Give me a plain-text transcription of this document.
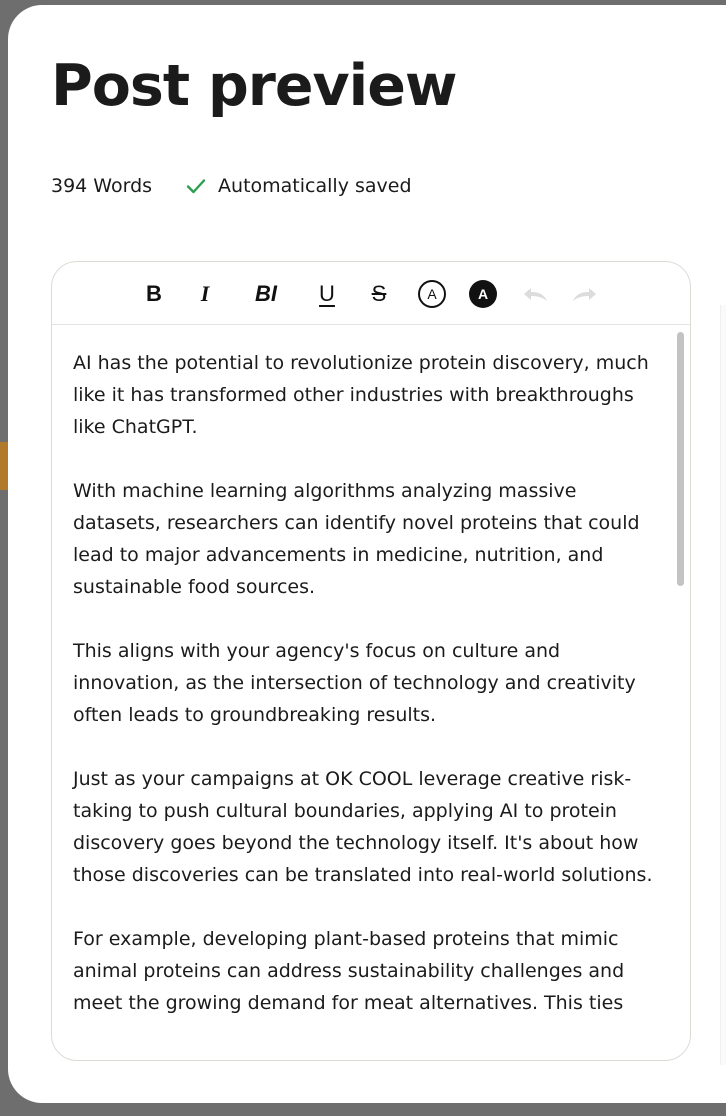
Post preview
394 Words	Automatically saved
B I BI U S	A	A

AI has the potential to revolutionize protein discovery, much like it has transformed other industries with breakthroughs like ChatGPT.

With machine learning algorithms analyzing massive datasets, researchers can identify novel proteins that could lead to major advancements in medicine, nutrition, and sustainable food sources.

This aligns with your agency's focus on culture and innovation, as the intersection of technology and creativity often leads to groundbreaking results.

Just as your campaigns at OK COOL leverage creative risk-taking to push cultural boundaries, applying AI to protein discovery goes beyond the technology itself. It's about how those discoveries can be translated into real-world solutions.

For example, developing plant-based proteins that mimic animal proteins can address sustainability challenges and meet the growing demand for meat alternatives. This ties
